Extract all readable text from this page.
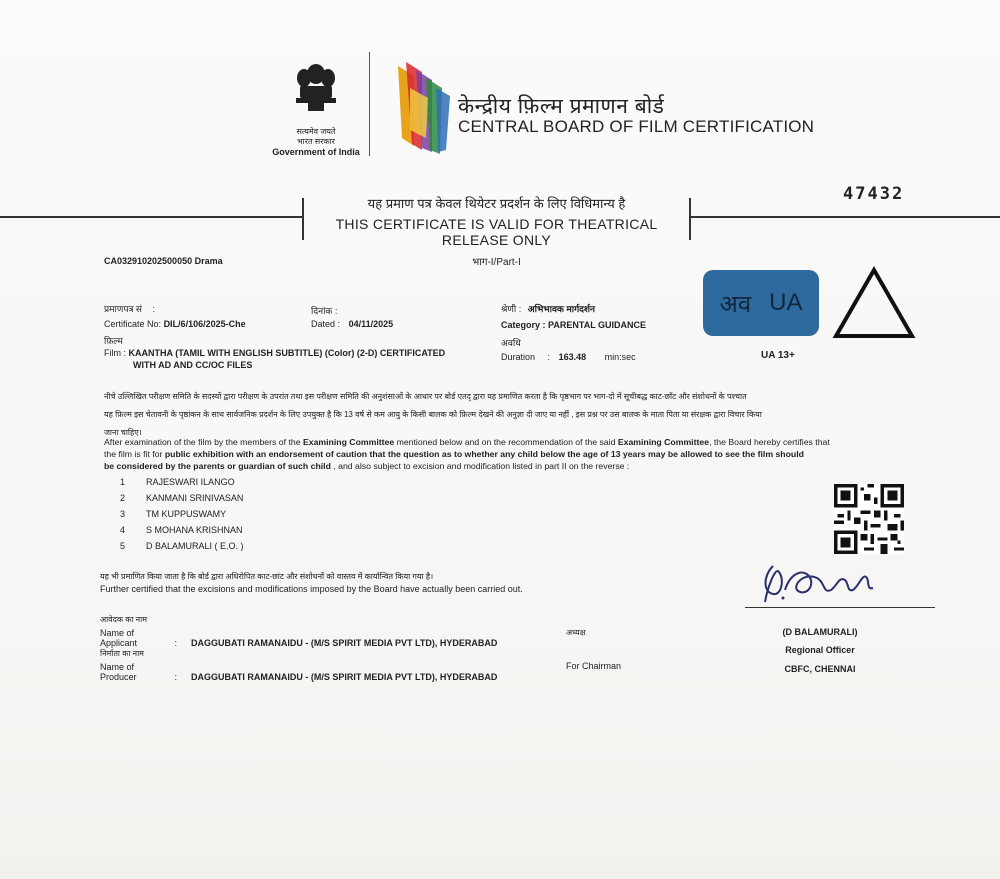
सत्यमेव जयते
भारत सरकार
Government of India
केन्द्रीय फ़िल्म प्रमाणन बोर्ड
CENTRAL BOARD OF FILM CERTIFICATION
47432
यह प्रमाण पत्र केवल थियेटर प्रदर्शन के लिए विधिमान्य है
THIS CERTIFICATE IS VALID FOR THEATRICAL RELEASE ONLY
भाग-I/Part-I
CA032910202500050 Drama
प्रमाणपत्र सं :
Certificate No: DIL/6/106/2025-Che
दिनांक :
Dated : 04/11/2025
श्रेणी : अभिभावक मार्गदर्शन
Category : PARENTAL GUIDANCE
फ़िल्म
Film : KAANTHA (TAMIL WITH ENGLISH SUBTITLE) (Color) (2-D) CERTIFICATED
WITH AD AND CC/OC FILES
अवधि
Duration : 163.48 min:sec
अव UA
UA 13+
नीचे उल्लिखित परीक्षण समिति के सदस्यों द्वारा परीक्षण के उपरांत तथा इस परीक्षण समिति की अनुशंसाओं के आधार पर बोर्ड एतद् द्वारा यह प्रमाणित करता है कि पृष्ठभाग पर भाग-दो में सूचीबद्ध काट-छाँट और संशोधनों के पश्चात
यह फ़िल्म इस चेतावनी के पृष्ठांकन के साथ सार्वजनिक प्रदर्शन के लिए उपयुक्त है कि 13 वर्ष से कम आयु के किसी बालक को फ़िल्म देखने की अनुज्ञा दी जाए या नहीं , इस प्रश्न पर उस बालक के माता पिता या संरक्षक द्वारा विचार किया
जाना चाहिए।
After examination of the film by the members of the Examining Committee mentioned below and on the recommendation of the said Examining Committee, the Board hereby certifies that
the film is fit for public exhibition with an endorsement of caution that the question as to whether any child below the age of 13 years may be allowed to see the film should
be considered by the parents or guardian of such child , and also subject to excision and modification listed in part II on the reverse :
1 RAJESWARI ILANGO
2 KANMANI SRINIVASAN
3 TM KUPPUSWAMY
4 S MOHANA KRISHNAN
5 D BALAMURALI ( E.O. )
यह भी प्रमाणित किया जाता है कि बोर्ड द्वारा अधिरोपित काट-छांट और संशोधनों को वास्तव में कार्यान्वित किया गया है।
Further certified that the excisions and modifications imposed by the Board have actually been carried out.
आवेदक का नाम
Name of Applicant	: DAGGUBATI RAMANAIDU - (M/S SPIRIT MEDIA PVT LTD), HYDERABAD
निर्माता का नाम
Name of Producer	: DAGGUBATI RAMANAIDU - (M/S SPIRIT MEDIA PVT LTD), HYDERABAD
अध्यक्ष
For Chairman
(D BALAMURALI)
Regional Officer
CBFC, CHENNAI
